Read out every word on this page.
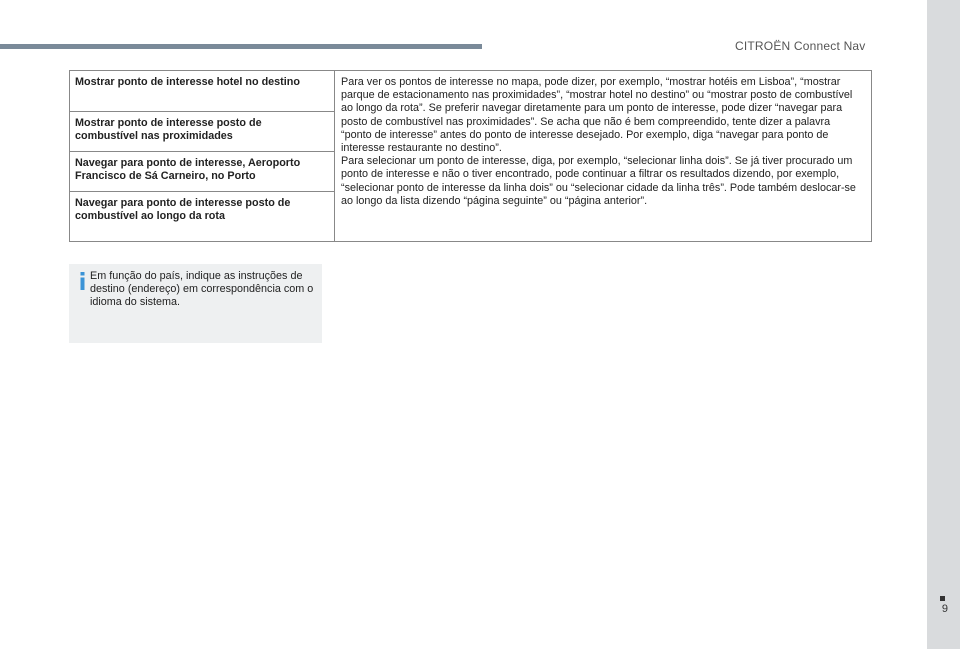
CITROËN Connect Nav
Mostrar ponto de interesse hotel no destino
Mostrar ponto de interesse posto de combustível nas proximidades
Navegar para ponto de interesse, Aeroporto Francisco de Sá Carneiro, no Porto
Navegar para ponto de interesse posto de combustível ao longo da rota

Para ver os pontos de interesse no mapa, pode dizer, por exemplo, “mostrar hotéis em Lisboa”, “mostrar parque de estacionamento nas proximidades”, “mostrar hotel no destino” ou “mostrar posto de combustível ao longo da rota”. Se preferir navegar diretamente para um ponto de interesse, pode dizer “navegar para posto de combustível nas proximidades”. Se acha que não é bem compreendido, tente dizer a palavra “ponto de interesse” antes do ponto de interesse desejado. Por exemplo, diga “navegar para ponto de interesse restaurante no destino”.

Para selecionar um ponto de interesse, diga, por exemplo, “selecionar linha dois”. Se já tiver procurado um ponto de interesse e não o tiver encontrado, pode continuar a filtrar os resultados dizendo, por exemplo, “selecionar ponto de interesse da linha dois” ou “selecionar cidade da linha três”. Pode também deslocar-se ao longo da lista dizendo “página seguinte” ou “página anterior”.

Em função do país, indique as instruções de destino (endereço) em correspondência com o idioma do sistema.
9
